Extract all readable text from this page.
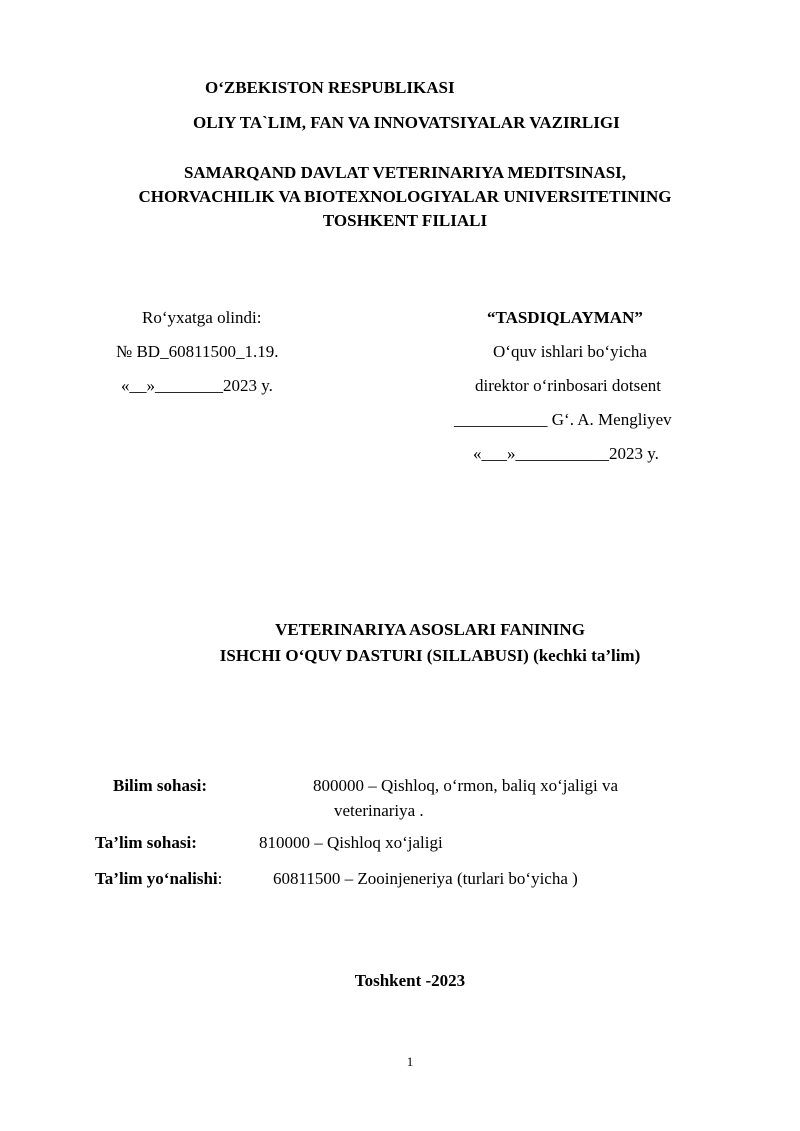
O‘ZBEKISTON RESPUBLIKASI
OLIY TA`LIM, FAN VA INNOVATSIYALAR VAZIRLIGI
SAMARQAND DAVLAT VETERINARIYA MEDITSINASI,
CHORVACHILIK VA BIOTEXNOLOGIYALAR UNIVERSITETINING
TOSHKENT FILIALI
Ro‘yxatga olindi:
№ BD_60811500_1.19.
«__»________2023 y.
“TASDIQLAYMAN”
O‘quv ishlari bo‘yicha
direktor o‘rinbosari dotsent
___________ G‘. A. Mengliyev
«___»___________2023 y.
VETERINARIYA ASOSLARI FANINING
ISHCHI O‘QUV DASTURI (SILLABUSI) (kechki ta’lim)
Bilim sohasi:	800000 – Qishloq, o‘rmon, baliq xo‘jaligi va
veterinariya .
Ta’lim sohasi:	810000 – Qishloq xo‘jaligi
Ta’lim yo‘nalishi:	60811500 – Zooinjeneriya (turlari bo‘yicha )
Toshkent -2023
1
